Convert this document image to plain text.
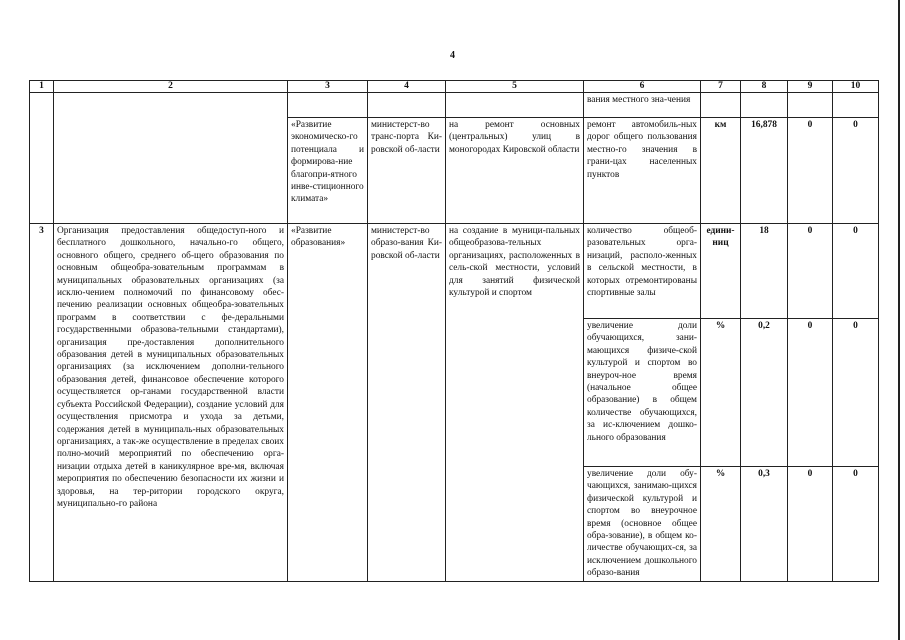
4
1	2	3	4	5	6	7	8	9	10
					вания местного зна-чения				
		«Развитие экономическо-го потенциала и формирова-ние благопри-ятного инве-стиционного климата»	министерст-во транс-порта Ки-ровской об-ласти	на ремонт основных (центральных) улиц в моногородах Кировской области	ремонт автомобиль-ных дорог общего пользования местно-го значения в грани-цах населенных пунктов	км	16,878	0	0
3	Организация предоставления общедоступ-ного и бесплатного дошкольного, начально-го общего, основного общего, среднего об-щего образования по основным общеобра-зовательным программам в муниципальных образовательных организациях (за исклю-чением полномочий по финансовому обес-печению реализации основных общеобра-зовательных программ в соответствии с фе-деральными государственными образова-тельными стандартами), организация пре-доставления дополнительного образования детей в муниципальных образовательных организациях (за исключением дополни-тельного образования детей, финансовое обеспечение которого осуществляется ор-ганами государственной власти субъекта Российской Федерации), создание условий для осуществления присмотра и ухода за детьми, содержания детей в муниципаль-ных образовательных организациях, а так-же осуществление в пределах своих полно-мочий мероприятий по обеспечению орга-низации отдыха детей в каникулярное вре-мя, включая мероприятия по обеспечению безопасности их жизни и здоровья, на тер-ритории городского округа, муниципально-го района	«Развитие образования»	министерст-во образо-вания Ки-ровской об-ласти	на создание в муници-пальных общеобразова-тельных организациях, расположенных в сель-ской местности, условий для занятий физической культурой и спортом	количество общеоб-разовательных орга-низаций, располо-женных в сельской местности, в которых отремонтированы спортивные залы	едини-ниц	18	0	0
					увеличение доли обучающихся, зани-мающихся физиче-ской культурой и спортом во внеуроч-ное время (начальное общее образование) в общем количестве обучающихся, за ис-ключением дошко-льного образования	%	0,2	0	0
					увеличение доли обу-чающихся, занимаю-щихся физической культурой и спортом во внеурочное время (основное общее обра-зование), в общем ко-личестве обучающих-ся, за исключением дошкольного образо-вания	%	0,3	0	0
